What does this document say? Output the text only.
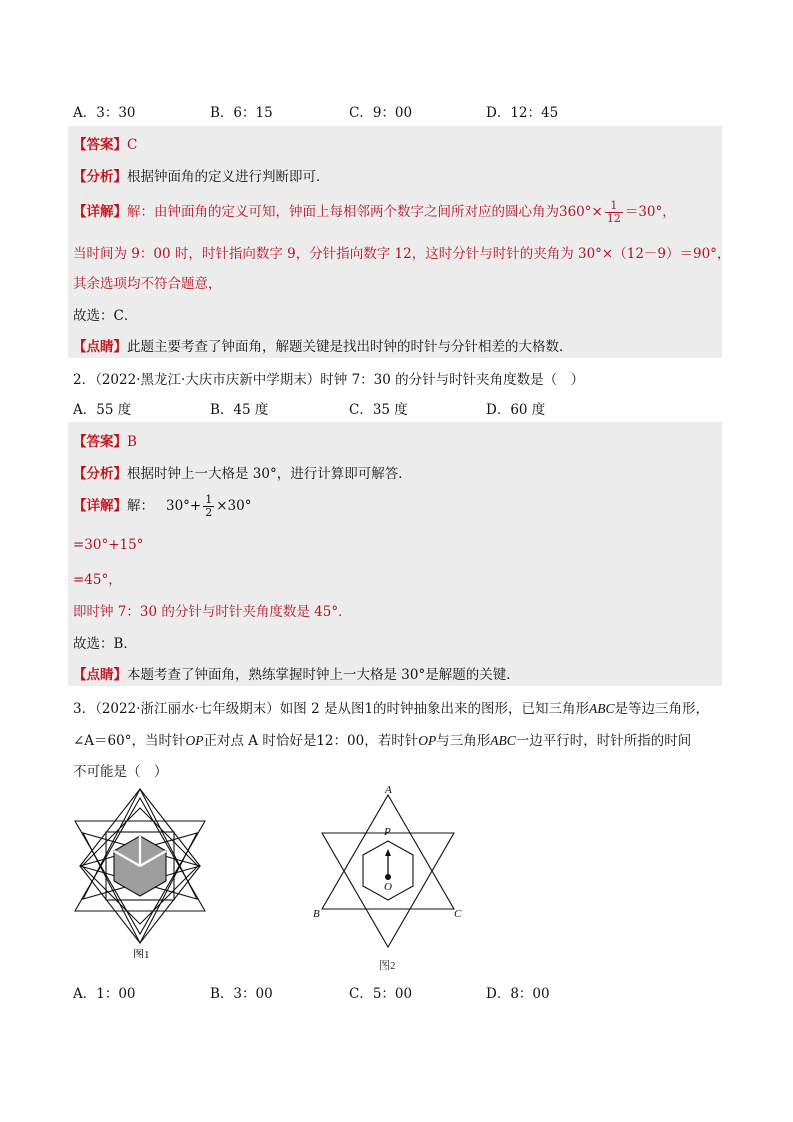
A．3：30	B．6：15	C．9：00	D．12：45
【答案】C
【分析】根据钟面角的定义进行判断即可．
【详解】解：由钟面角的定义可知，钟面上每相邻两个数字之间所对应的圆心角为$360^\circ\times \frac{1}{12} =30^\circ$，
当时间为 9：00 时，时针指向数字 9，分针指向数字 12，这时分针与时针的夹角为 30°×（12－9）＝90°，
其余选项均不符合题意，
故选：C．
【点睛】此题主要考查了钟面角，解题关键是找出时钟的时针与分针相差的大格数．
2．（2022·黑龙江·大庆市庆新中学期末）时钟 7：30 的分针与时针夹角度数是（　）
A．55 度	B．45 度	C．35 度	D．60 度
【答案】B
【分析】根据时钟上一大格是 30°，进行计算即可解答．
【详解】解： $30^\circ+ \frac{1}{2} \times 30^\circ$
=30°+15°
=45°，
即时钟 7：30 的分针与时针夹角度数是 45°．
故选：B．
【点睛】本题考查了钟面角，熟练掌握时钟上一大格是 30°是解题的关键．
3．（2022·浙江丽水·七年级期末）如图 2 是从图1的时钟抽象出来的图形，已知三角形ABC是等边三角形，
∠A＝60°，当时针OP正对点 A 时恰好是12：00，若时针OP与三角形ABC一边平行时，时针所指的时间
不可能是（　）
图1
A
B	C
P
O
图2
A．1：00	B．3：00	C．5：00	D．8：00
